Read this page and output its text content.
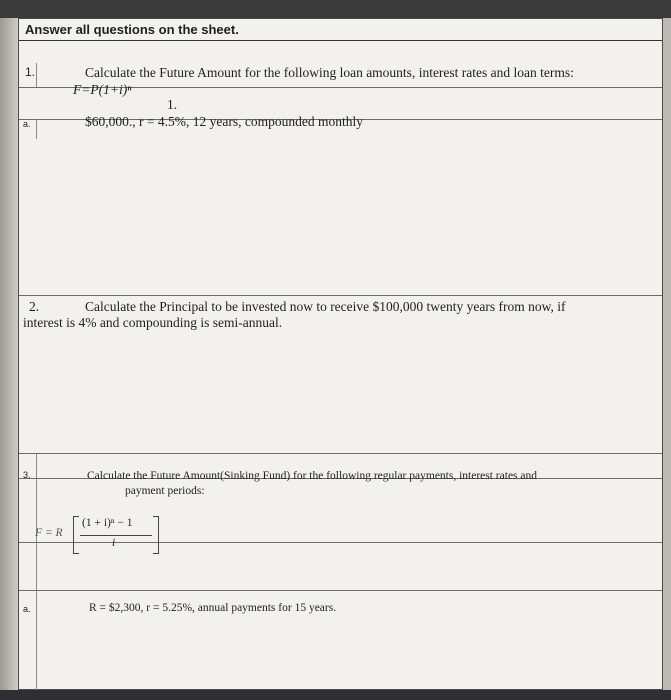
Answer all questions on the sheet.
1.	Calculate the Future Amount for the following loan amounts, interest rates and loan terms:
F=P(1+i)ⁿ
1.
a.	$60,000., r = 4.5%, 12 years, compounded monthly
2.	Calculate the Principal to be invested now to receive $100,000 twenty years from now, if
interest is 4% and compounding is semi-annual.
3.	Calculate the Future Amount(Sinking Fund) for the following regular payments, interest rates and
payment periods:
F = R
(1 + i)ⁿ − 1
i
a.	R = $2,300, r = 5.25%, annual payments for 15 years.
